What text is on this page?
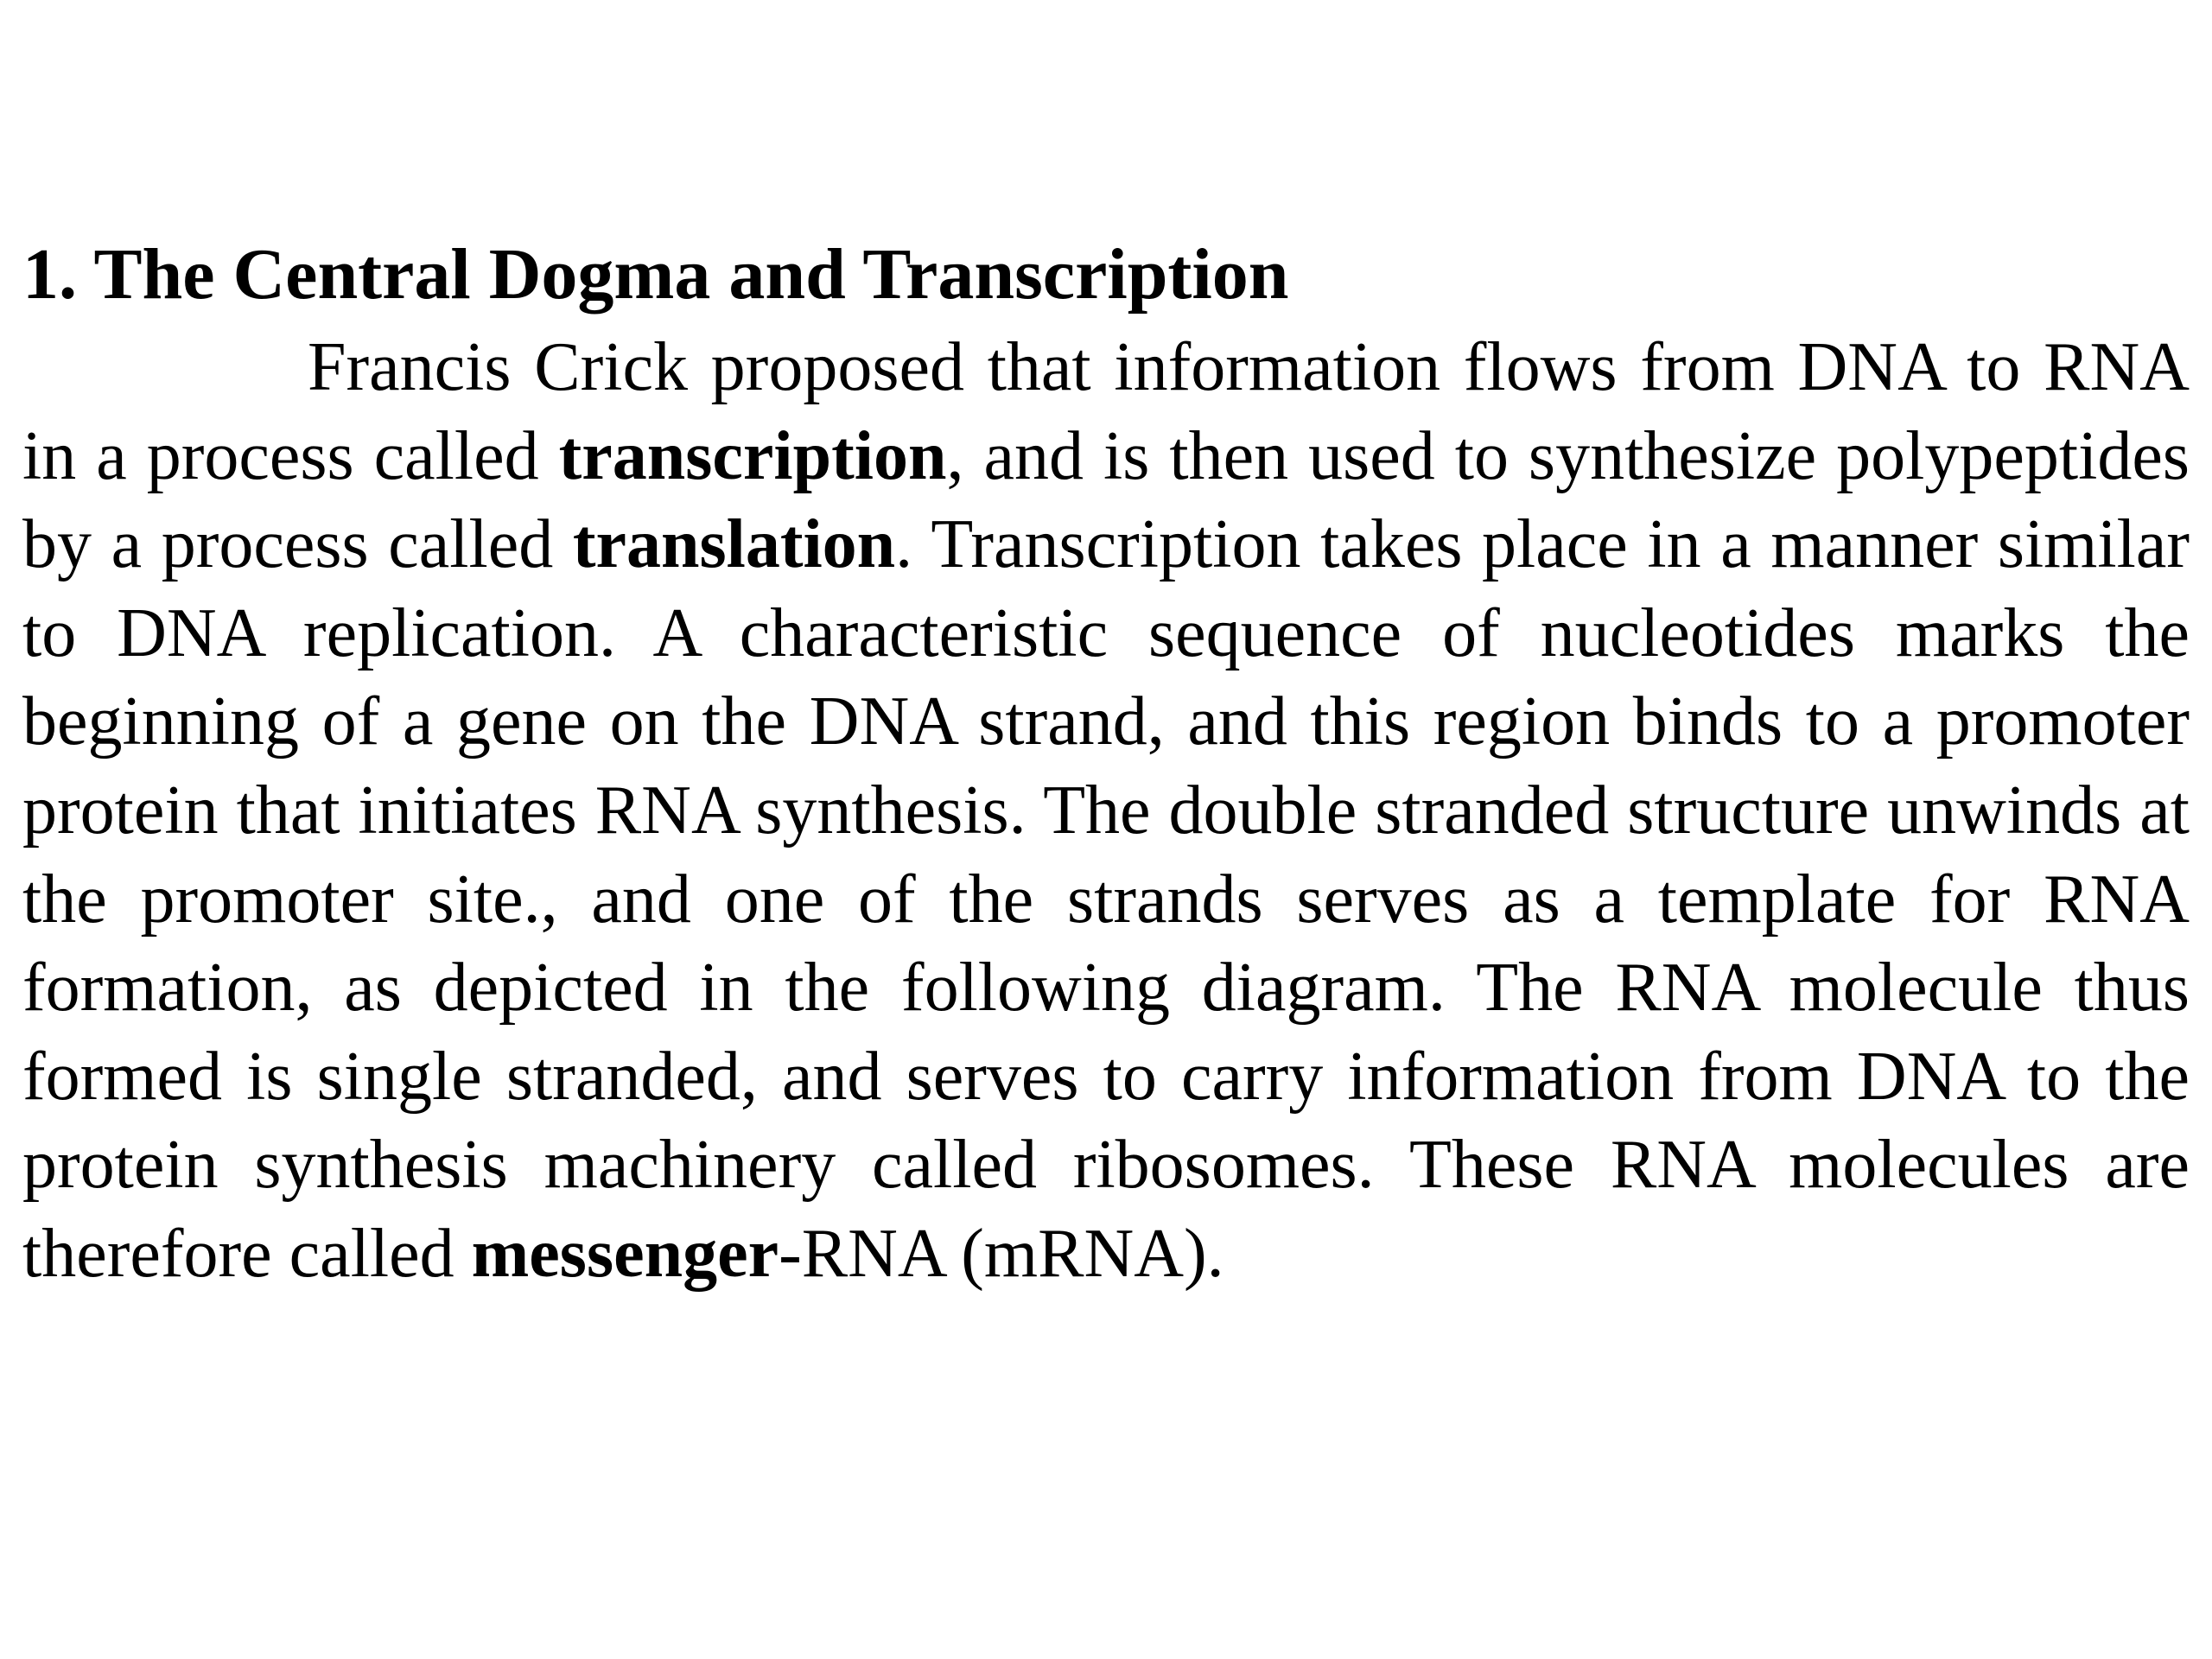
1. The Central Dogma and Transcription

Francis Crick proposed that information flows from DNA to RNA in a process called transcription, and is then used to synthesize polypeptides by a process called translation. Transcription takes place in a manner similar to DNA replication. A characteristic sequence of nucleotides marks the beginning of a gene on the DNA strand, and this region binds to a promoter protein that initiates RNA synthesis. The double stranded structure unwinds at the promoter site., and one of the strands serves as a template for RNA formation, as depicted in the following diagram. The RNA molecule thus formed is single stranded, and serves to carry information from DNA to the protein synthesis machinery called ribosomes. These RNA molecules are therefore called messenger-RNA (mRNA).
